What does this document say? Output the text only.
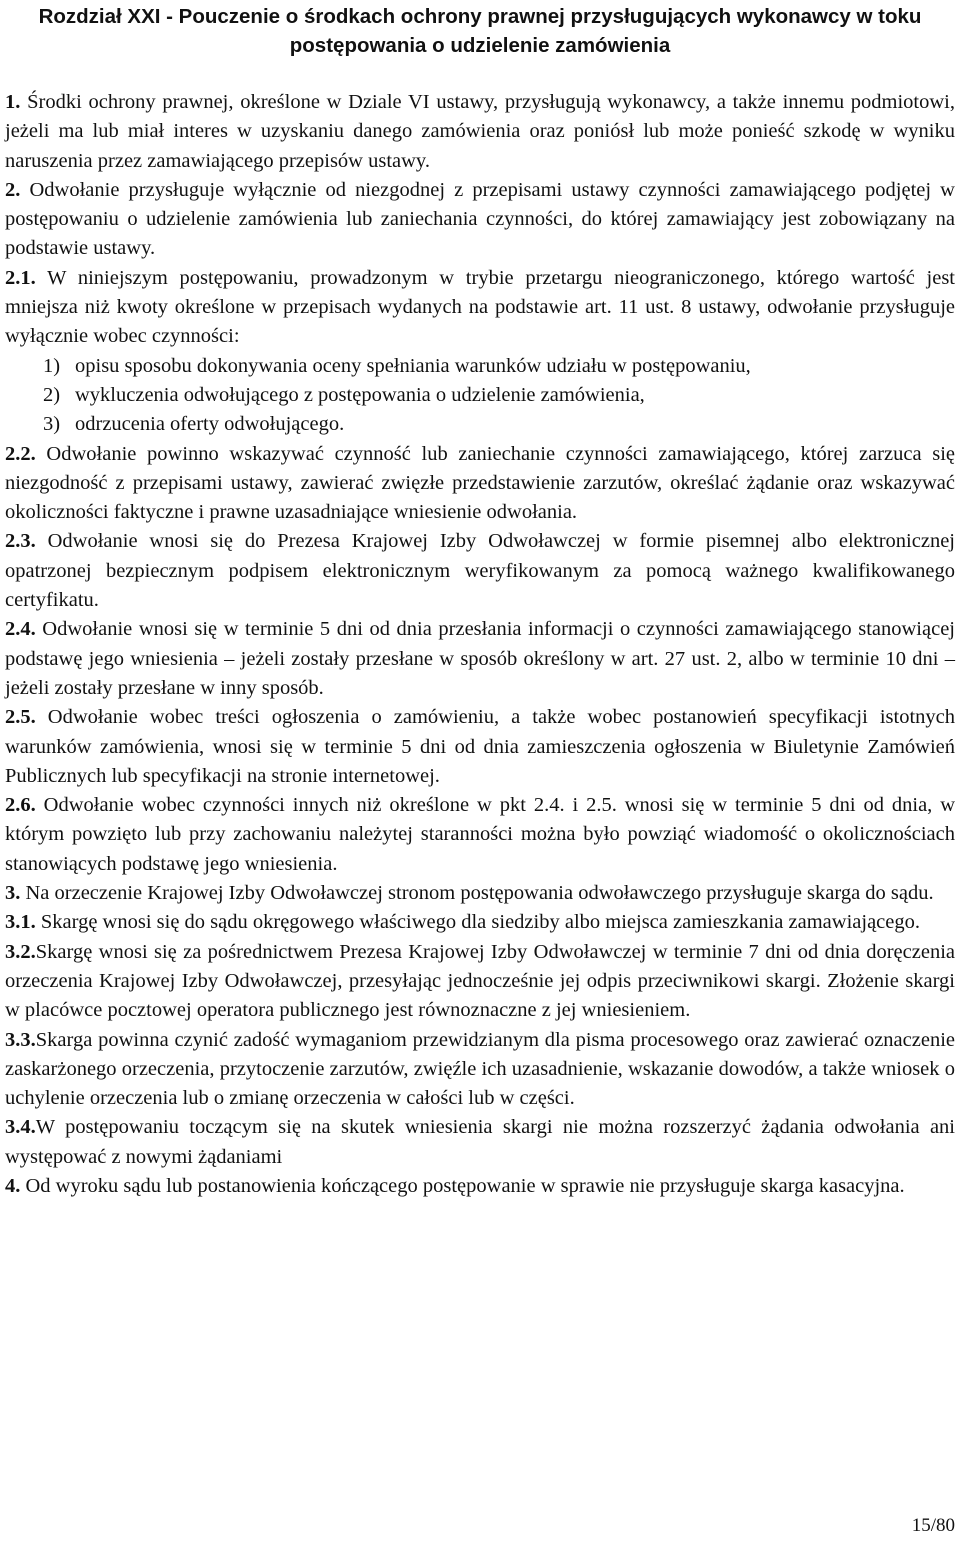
Rozdział XXI - Pouczenie o środkach ochrony prawnej przysługujących wykonawcy w toku postępowania o udzielenie zamówienia

1. Środki ochrony prawnej, określone w Dziale VI ustawy, przysługują wykonawcy, a także innemu podmiotowi, jeżeli ma lub miał interes w uzyskaniu danego zamówienia oraz poniósł lub może ponieść szkodę w wyniku naruszenia przez zamawiającego przepisów ustawy.

2. Odwołanie przysługuje wyłącznie od niezgodnej z przepisami ustawy czynności zamawiającego podjętej w postępowaniu o udzielenie zamówienia lub zaniechania czynności, do której zamawiający jest zobowiązany na podstawie ustawy.

2.1. W niniejszym postępowaniu, prowadzonym w trybie przetargu nieograniczonego, którego wartość jest mniejsza niż kwoty określone w przepisach wydanych na podstawie art. 11 ust. 8 ustawy, odwołanie przysługuje wyłącznie wobec czynności:

1) opisu sposobu dokonywania oceny spełniania warunków udziału w postępowaniu,
2) wykluczenia odwołującego z postępowania o udzielenie zamówienia,
3) odrzucenia oferty odwołującego.

2.2. Odwołanie powinno wskazywać czynność lub zaniechanie czynności zamawiającego, której zarzuca się niezgodność z przepisami ustawy, zawierać zwięzłe przedstawienie zarzutów, określać żądanie oraz wskazywać okoliczności faktyczne i prawne uzasadniające wniesienie odwołania.

2.3. Odwołanie wnosi się do Prezesa Krajowej Izby Odwoławczej w formie pisemnej albo elektronicznej opatrzonej bezpiecznym podpisem elektronicznym weryfikowanym za pomocą ważnego kwalifikowanego certyfikatu.

2.4. Odwołanie wnosi się w terminie 5 dni od dnia przesłania informacji o czynności zamawiającego stanowiącej podstawę jego wniesienia – jeżeli zostały przesłane w sposób określony w art. 27 ust. 2, albo w terminie 10 dni – jeżeli zostały przesłane w inny sposób.

2.5. Odwołanie wobec treści ogłoszenia o zamówieniu, a także wobec postanowień specyfikacji istotnych warunków zamówienia, wnosi się w terminie 5 dni od dnia zamieszczenia ogłoszenia w Biuletynie Zamówień Publicznych lub specyfikacji na stronie internetowej.

2.6. Odwołanie wobec czynności innych niż określone w pkt 2.4. i 2.5. wnosi się w terminie 5 dni od dnia, w którym powzięto lub przy zachowaniu należytej staranności można było powziąć wiadomość o okolicznościach stanowiących podstawę jego wniesienia.

3. Na orzeczenie Krajowej Izby Odwoławczej stronom postępowania odwoławczego przysługuje skarga do sądu.

3.1. Skargę wnosi się do sądu okręgowego właściwego dla siedziby albo miejsca zamieszkania zamawiającego.

3.2.Skargę wnosi się za pośrednictwem Prezesa Krajowej Izby Odwoławczej w terminie 7 dni od dnia doręczenia orzeczenia Krajowej Izby Odwoławczej, przesyłając jednocześnie jej odpis przeciwnikowi skargi. Złożenie skargi w placówce pocztowej operatora publicznego jest równoznaczne z jej wniesieniem.

3.3.Skarga powinna czynić zadość wymaganiom przewidzianym dla pisma procesowego oraz zawierać oznaczenie zaskarżonego orzeczenia, przytoczenie zarzutów, zwięźle ich uzasadnienie, wskazanie dowodów, a także wniosek o uchylenie orzeczenia lub o zmianę orzeczenia w całości lub w części.

3.4.W postępowaniu toczącym się na skutek wniesienia skargi nie można rozszerzyć żądania odwołania ani występować z nowymi żądaniami

4. Od wyroku sądu lub postanowienia kończącego postępowanie w sprawie nie przysługuje skarga kasacyjna.

15/80
